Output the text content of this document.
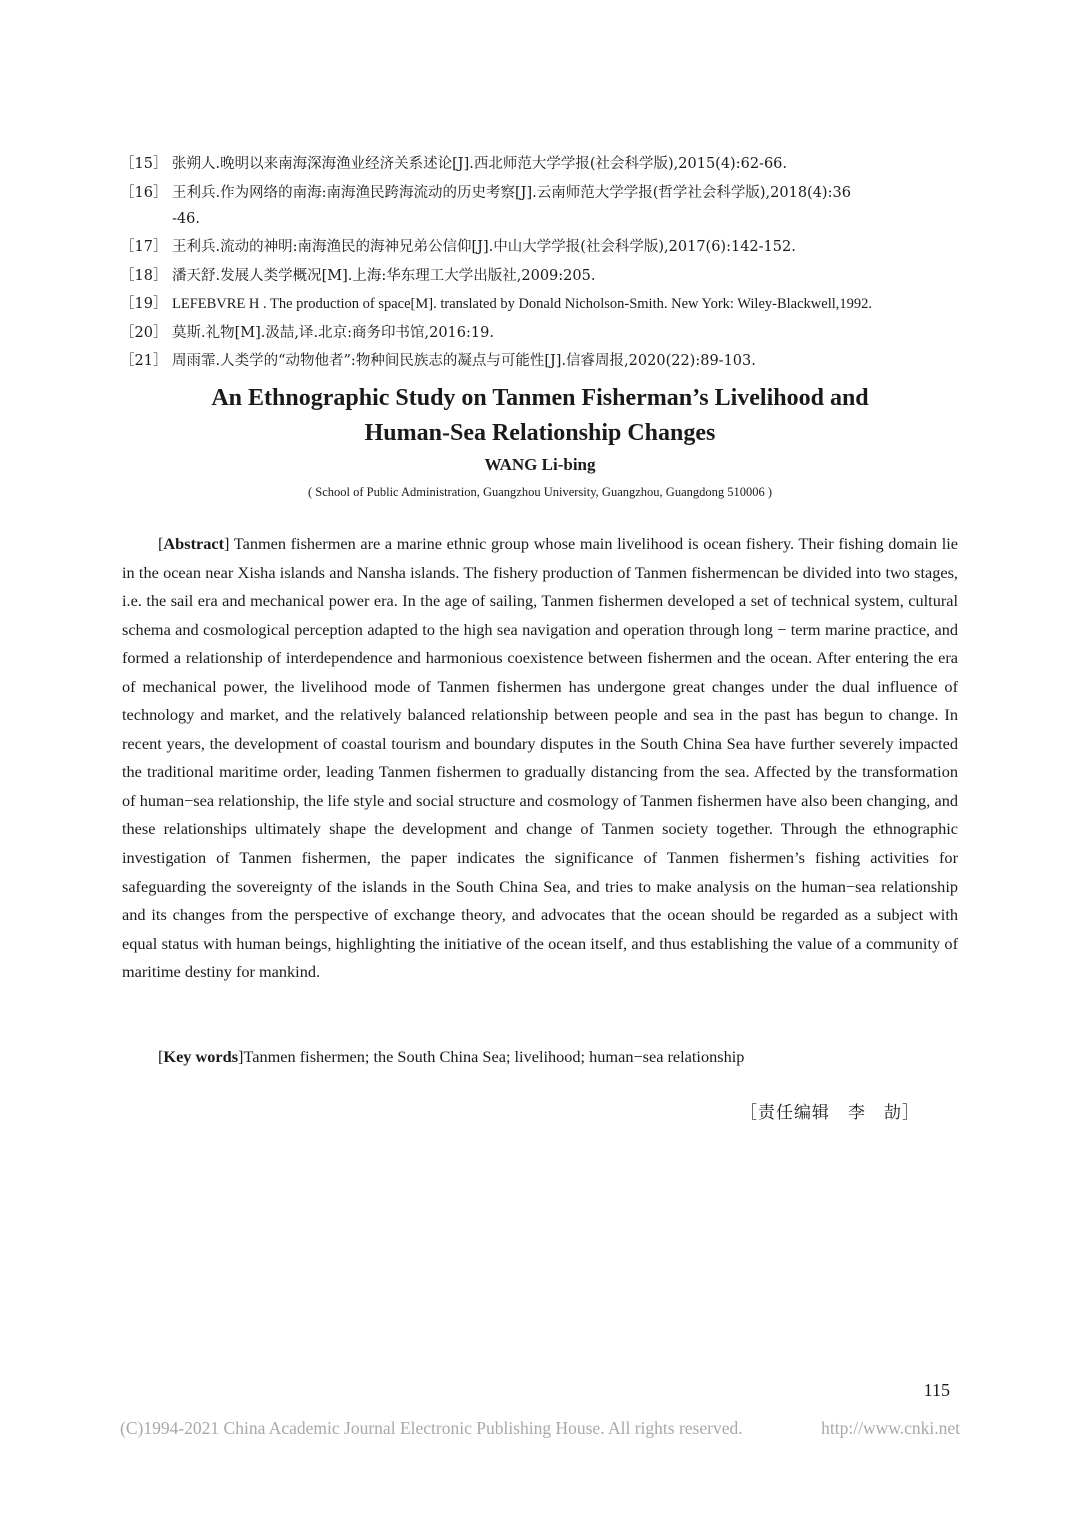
［15］ 张朔人.晚明以来南海深海渔业经济关系述论[J].西北师范大学学报(社会科学版),2015(4):62-66.
［16］ 王利兵.作为网络的南海:南海渔民跨海流动的历史考察[J].云南师范大学学报(哲学社会科学版),2018(4):36
-46.
［17］ 王利兵.流动的神明:南海渔民的海神兄弟公信仰[J].中山大学学报(社会科学版),2017(6):142-152.
［18］ 潘天舒.发展人类学概况[M].上海:华东理工大学出版社,2009:205.
［19］ LEFEBVRE H . The production of space[M]. translated by Donald Nicholson-Smith. New York: Wiley-Blackwell,1992.
［20］ 莫斯.礼物[M].汲喆,译.北京:商务印书馆,2016:19.
［21］ 周雨霏.人类学的“动物他者”:物种间民族志的凝点与可能性[J].信睿周报,2020(22):89-103.
An Ethnographic Study on Tanmen Fisherman’s Livelihood and
Human-Sea Relationship Changes
WANG Li-bing
( School of Public Administration, Guangzhou University, Guangzhou, Guangdong 510006 )
[Abstract] Tanmen fishermen are a marine ethnic group whose main livelihood is ocean fishery. Their fishing domain lie in the ocean near Xisha islands and Nansha islands. The fishery production of Tanmen fishermencan be divided into two stages, i.e. the sail era and mechanical power era. In the age of sailing, Tanmen fishermen developed a set of technical system, cultural schema and cosmological perception adapted to the high sea navigation and operation through long − term marine practice, and formed a relationship of interdependence and harmonious coexistence between fishermen and the ocean. After entering the era of mechanical power, the livelihood mode of Tanmen fishermen has undergone great changes under the dual influence of technology and market, and the relatively balanced relationship between people and sea in the past has begun to change. In recent years, the development of coastal tourism and boundary disputes in the South China Sea have further severely impacted the traditional maritime order, leading Tanmen fishermen to gradually distancing from the sea. Affected by the transformation of human−sea relationship, the life style and social structure and cosmology of Tanmen fishermen have also been changing, and these relationships ultimately shape the development and change of Tanmen society together. Through the ethnographic investigation of Tanmen fishermen, the paper indicates the significance of Tanmen fishermen’s fishing activities for safeguarding the sovereignty of the islands in the South China Sea, and tries to make analysis on the human−sea relationship and its changes from the perspective of exchange theory, and advocates that the ocean should be regarded as a subject with equal status with human beings, highlighting the initiative of the ocean itself, and thus establishing the value of a community of maritime destiny for mankind.
[Key words]Tanmen fishermen; the South China Sea; livelihood; human−sea relationship
［责任编辑　李　劼］
115
(C)1994-2021 China Academic Journal Electronic Publishing House. All rights reserved.	http://www.cnki.net
